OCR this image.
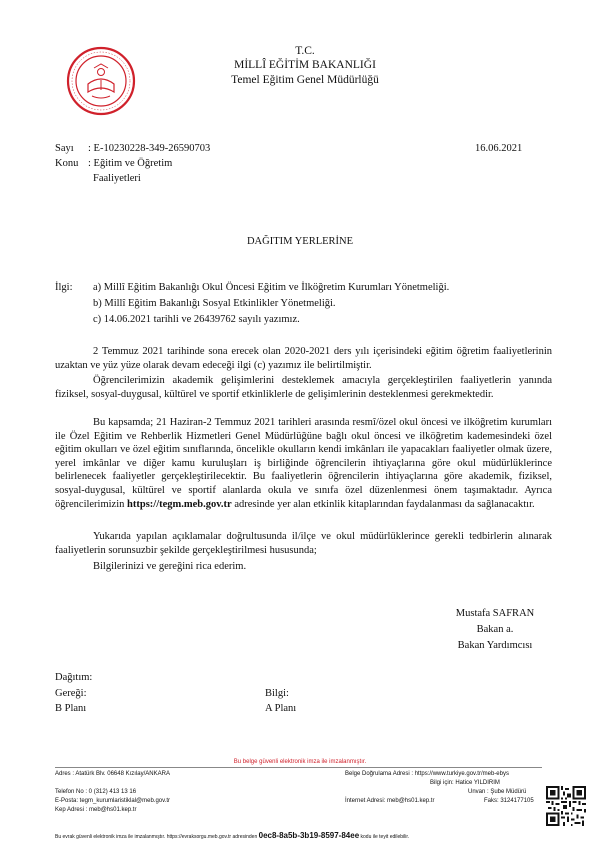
T.C.
MİLLÎ EĞİTİM BAKANLIĞI
Temel Eğitim Genel Müdürlüğü
Sayı : E-10230228-349-26590703	16.06.2021
Konu : Eğitim ve Öğretim
Faaliyetleri
DAĞITIM YERLERİNE
İlgi: a) Millî Eğitim Bakanlığı Okul Öncesi Eğitim ve İlköğretim Kurumları Yönetmeliği.
b) Millî Eğitim Bakanlığı Sosyal Etkinlikler Yönetmeliği.
c) 14.06.2021 tarihli ve 26439762 sayılı yazımız.

2 Temmuz 2021 tarihinde sona erecek olan 2020-2021 ders yılı içerisindeki eğitim öğretim faaliyetlerinin uzaktan ve yüz yüze olarak devam edeceği ilgi (c) yazımız ile belirtilmiştir.

Öğrencilerimizin akademik gelişimlerini desteklemek amacıyla gerçekleştirilen faaliyetlerin yanında fiziksel, sosyal-duygusal, kültürel ve sportif etkinliklerle de gelişimlerinin desteklenmesi gerekmektedir.

Bu kapsamda; 21 Haziran-2 Temmuz 2021 tarihleri arasında resmî/özel okul öncesi ve ilköğretim kurumları ile Özel Eğitim ve Rehberlik Hizmetleri Genel Müdürlüğüne bağlı okul öncesi ve ilköğretim kademesindeki özel eğitim okulları ve özel eğitim sınıflarında, öncelikle okulların kendi imkânları ile yapacakları faaliyetler olmak üzere, yerel imkânlar ve diğer kamu kuruluşları iş birliğinde öğrencilerin ihtiyaçlarına göre okul müdürlüklerince belirlenecek faaliyetler gerçekleştirilecektir. Bu faaliyetlerin öğrencilerin ihtiyaçlarına göre akademik, fiziksel, sosyal-duygusal, kültürel ve sportif alanlarda okula ve sınıfa özel düzenlenmesi önem taşımaktadır. Ayrıca öğrencilerimizin https://tegm.meb.gov.tr adresinde yer alan etkinlik kitaplarından faydalanması da sağlanacaktır.

Yukarıda yapılan açıklamalar doğrultusunda il/ilçe ve okul müdürlüklerince gerekli tedbirlerin alınarak faaliyetlerin sorunsuzbir şekilde gerçekleştirilmesi hususunda;

Bilgilerinizi ve gereğini rica ederim.

Mustafa SAFRAN
Bakan a.
Bakan Yardımcısı
Dağıtım:
Gereği:
B Planı
Bilgi:
A Planı
Bu belge güvenli elektronik imza ile imzalanmıştır.
Adres : Atatürk Blv. 06648 Kızılay/ANKARA	Belge Doğrulama Adresi : https://www.turkiye.gov.tr/meb-ebys
Bilgi için: Hatice YILDIRIM
Telefon No : 0 (312) 413 13 16	Unvan : Şube Müdürü
E-Posta: tegm_kurumlaristiklal@meb.gov.tr	İnternet Adresi: meb@hs01.kep.tr	Faks: 3124177105
Kep Adresi : meb@hs01.kep.tr
Bu evrak güvenli elektronik imza ile imzalanmıştır. https://evraksorgu.meb.gov.tr adresinden 0ec8-8a5b-3b19-8597-84ee kodu ile teyit edilebilir.
